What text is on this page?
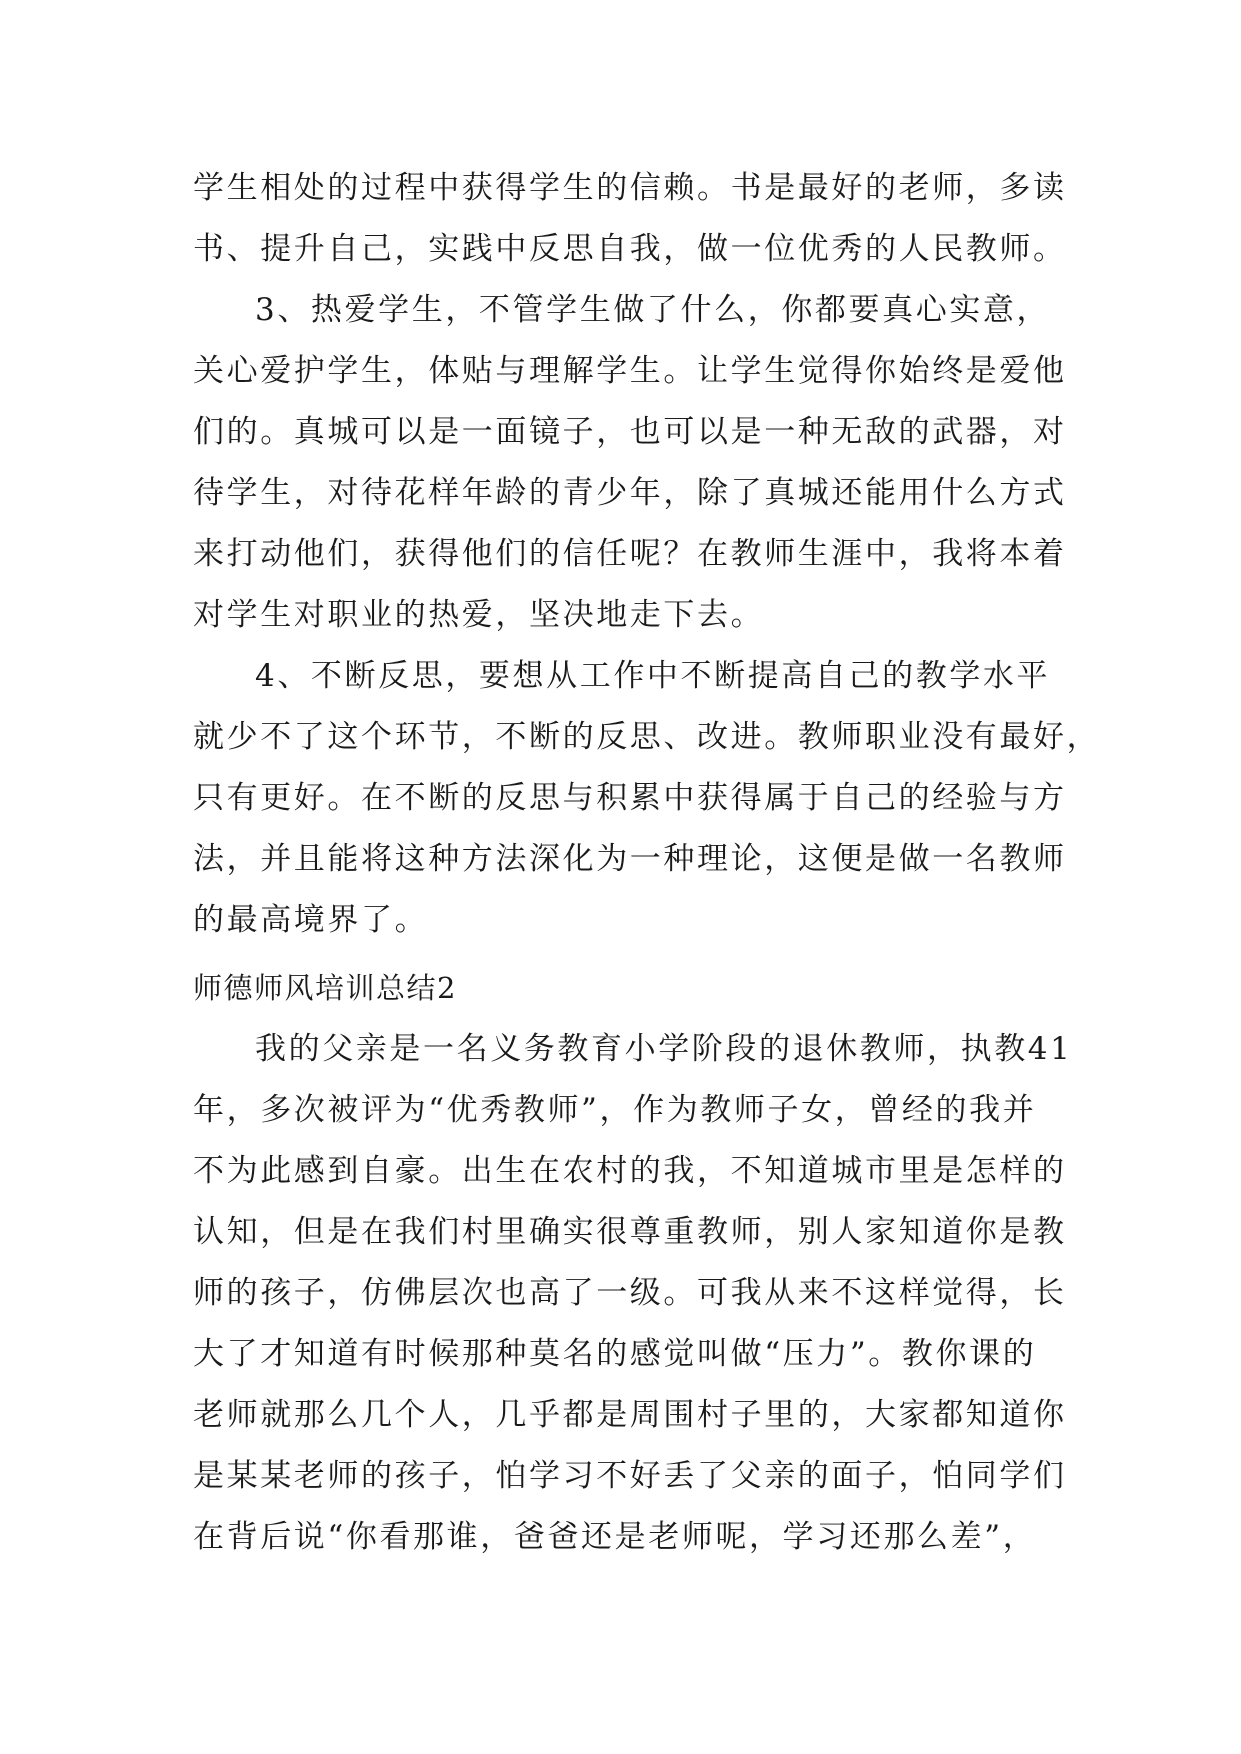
学生相处的过程中获得学生的信赖。书是最好的老师，多读
书、提升自己，实践中反思自我，做一位优秀的人民教师。
3、热爱学生，不管学生做了什么，你都要真心实意，
关心爱护学生，体贴与理解学生。让学生觉得你始终是爱他
们的。真城可以是一面镜子，也可以是一种无敌的武器，对
待学生，对待花样年龄的青少年，除了真城还能用什么方式
来打动他们，获得他们的信任呢？在教师生涯中，我将本着
对学生对职业的热爱，坚决地走下去。
4、不断反思，要想从工作中不断提高自己的教学水平
就少不了这个环节，不断的反思、改进。教师职业没有最好，
只有更好。在不断的反思与积累中获得属于自己的经验与方
法，并且能将这种方法深化为一种理论，这便是做一名教师
的最高境界了。
师德师风培训总结2
我的父亲是一名义务教育小学阶段的退休教师，执教41
年，多次被评为“优秀教师”，作为教师子女，曾经的我并
不为此感到自豪。出生在农村的我，不知道城市里是怎样的
认知，但是在我们村里确实很尊重教师，别人家知道你是教
师的孩子，仿佛层次也高了一级。可我从来不这样觉得，长
大了才知道有时候那种莫名的感觉叫做“压力”。教你课的
老师就那么几个人，几乎都是周围村子里的，大家都知道你
是某某老师的孩子，怕学习不好丢了父亲的面子，怕同学们
在背后说“你看那谁，爸爸还是老师呢，学习还那么差”，
